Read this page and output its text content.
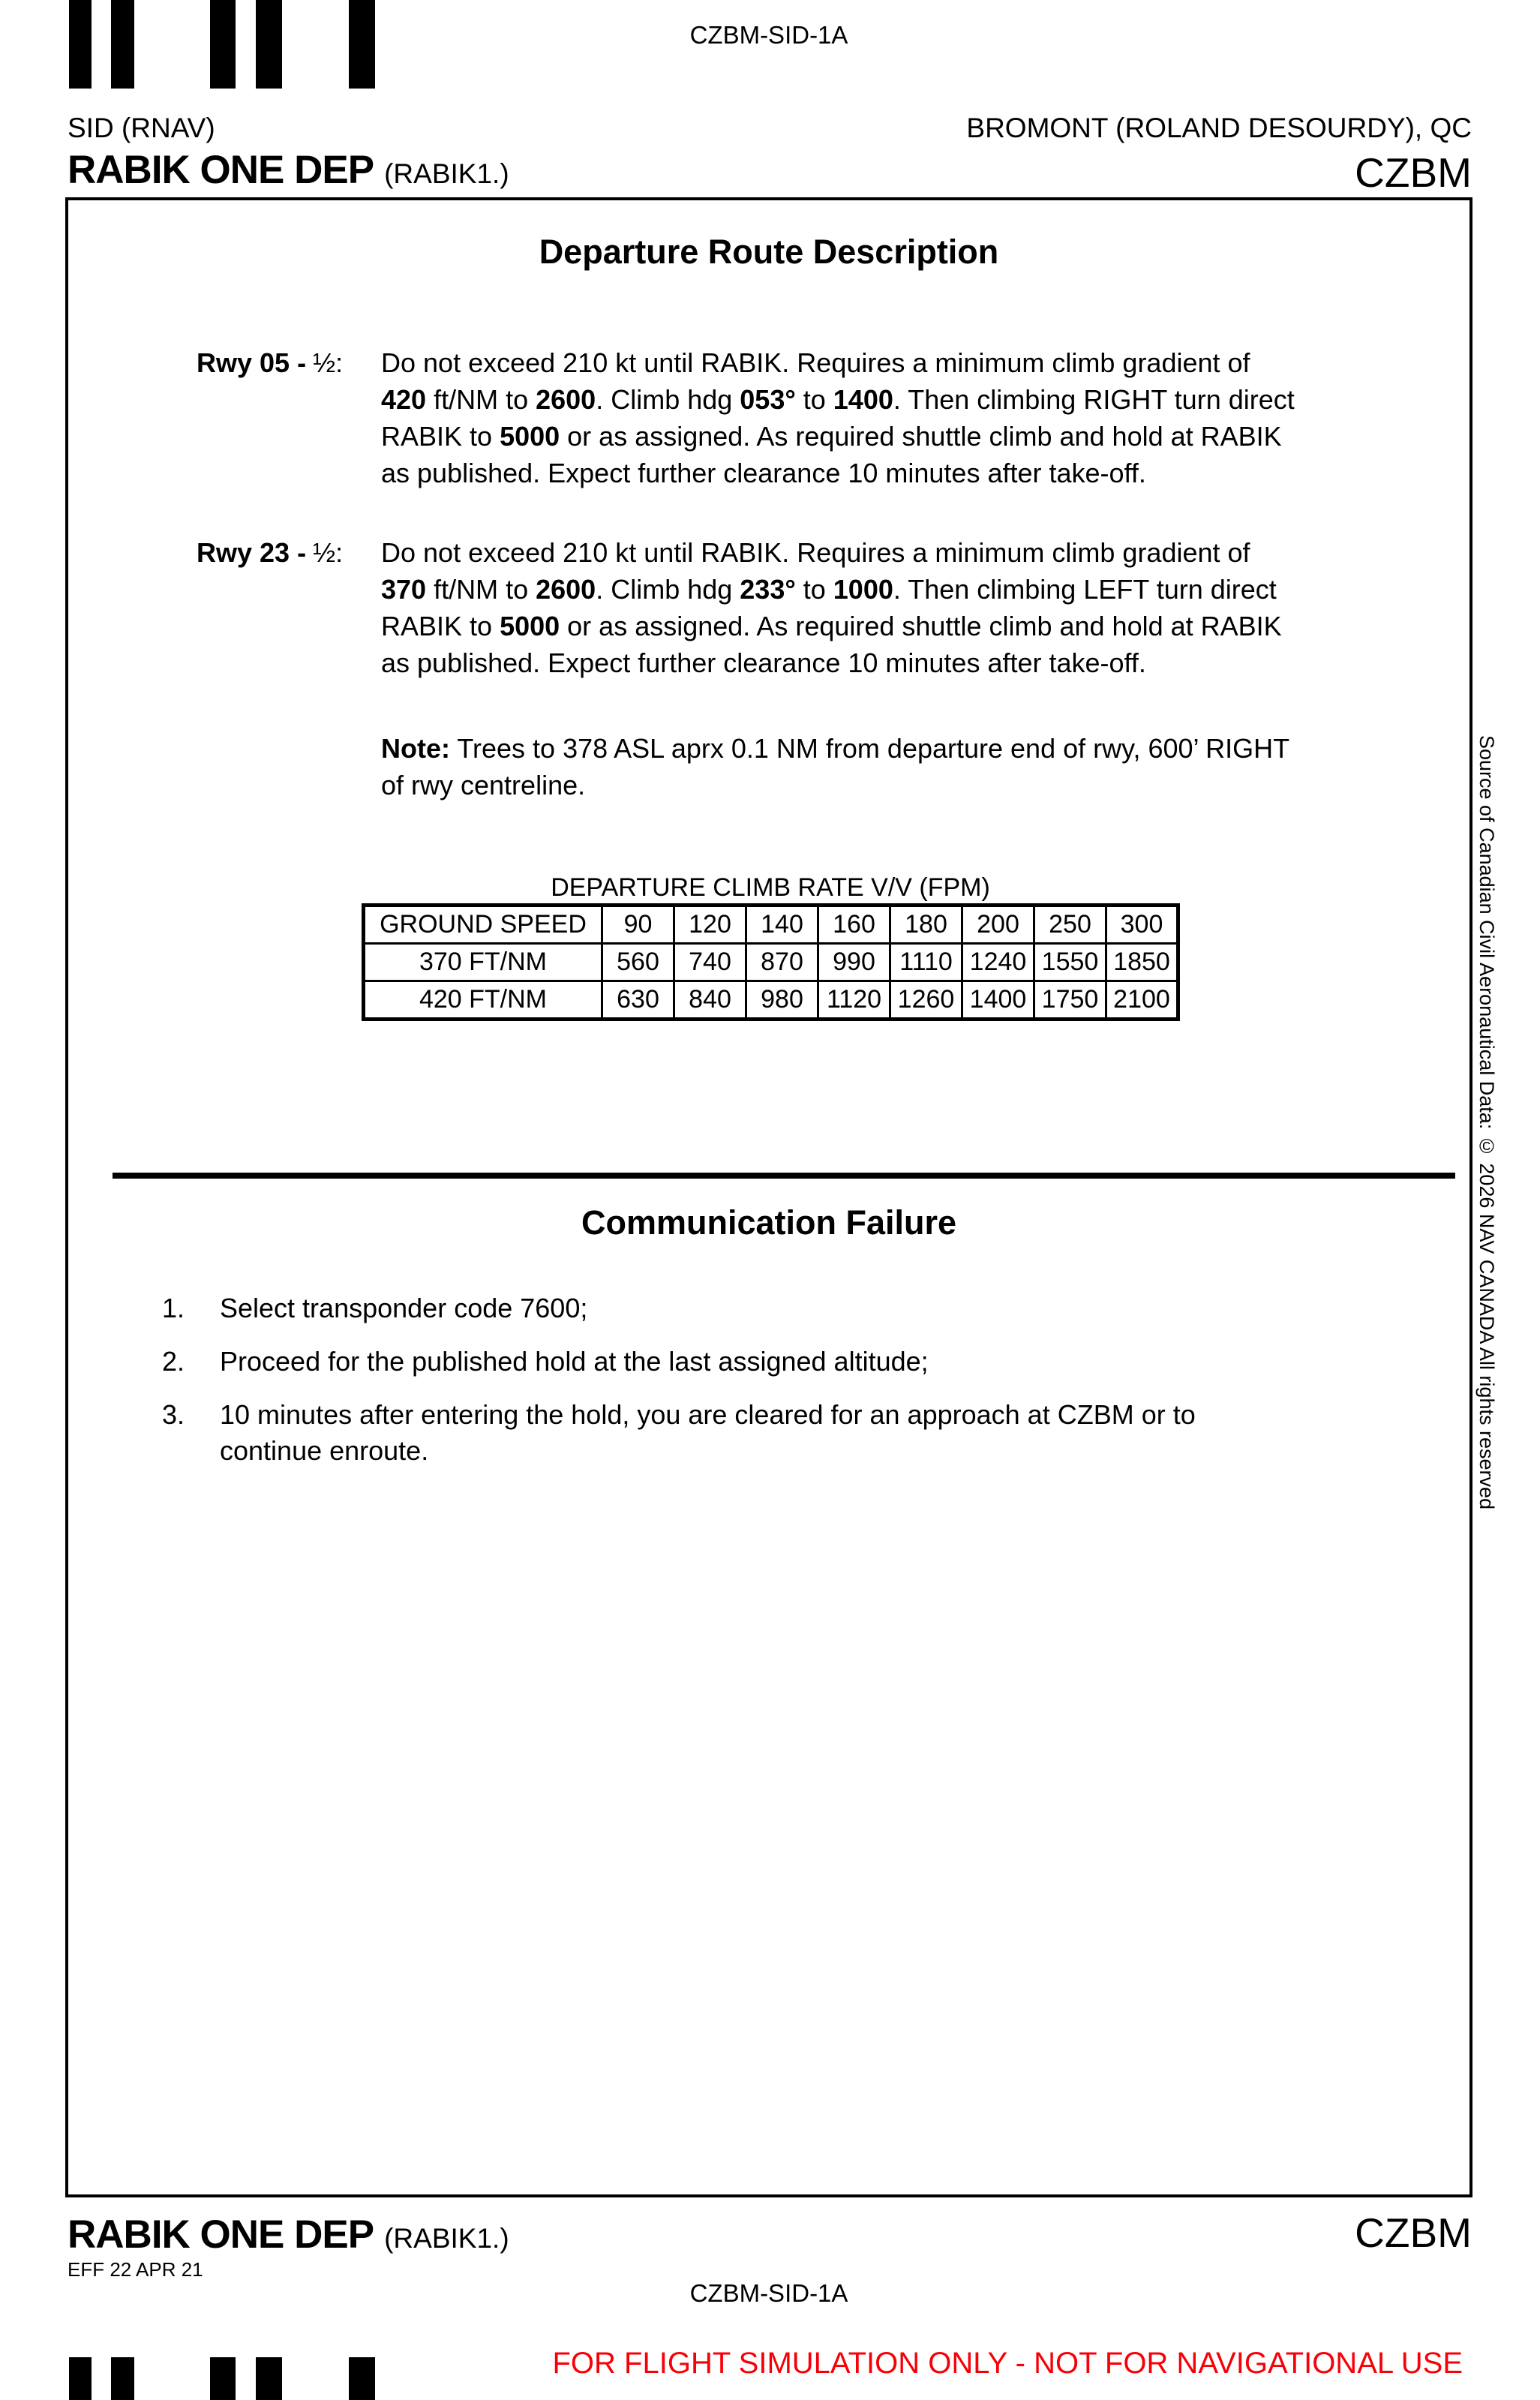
CZBM-SID-1A
SID (RNAV)	BROMONT (ROLAND DESOURDY), QC
RABIK ONE DEP (RABIK1.)	CZBM
Departure Route Description
Rwy 05 - ½:	Do not exceed 210 kt until RABIK. Requires a minimum climb gradient of
420 ft/NM to 2600. Climb hdg 053° to 1400. Then climbing RIGHT turn direct
RABIK to 5000 or as assigned. As required shuttle climb and hold at RABIK
as published. Expect further clearance 10 minutes after take-off.
Rwy 23 - ½:	Do not exceed 210 kt until RABIK. Requires a minimum climb gradient of
370 ft/NM to 2600. Climb hdg 233° to 1000. Then climbing LEFT turn direct
RABIK to 5000 or as assigned. As required shuttle climb and hold at RABIK
as published. Expect further clearance 10 minutes after take-off.
Note: Trees to 378 ASL aprx 0.1 NM from departure end of rwy, 600’ RIGHT
of rwy centreline.
DEPARTURE CLIMB RATE V/V (FPM)
GROUND SPEED	90	120	140	160	180	200	250	300
370 FT/NM	560	740	870	990	1110	1240	1550	1850
420 FT/NM	630	840	980	1120	1260	1400	1750	2100
Communication Failure
1. Select transponder code 7600;
2. Proceed for the published hold at the last assigned altitude;
3. 10 minutes after entering the hold, you are cleared for an approach at CZBM or to
continue enroute.	Source of Canadian Civil Aeronautical Data: © 2026 NAV CANADA All rights reserved
RABIK ONE DEP (RABIK1.)	CZBM
EFF 22 APR 21
CZBM-SID-1A
FOR FLIGHT SIMULATION ONLY - NOT FOR NAVIGATIONAL USE
